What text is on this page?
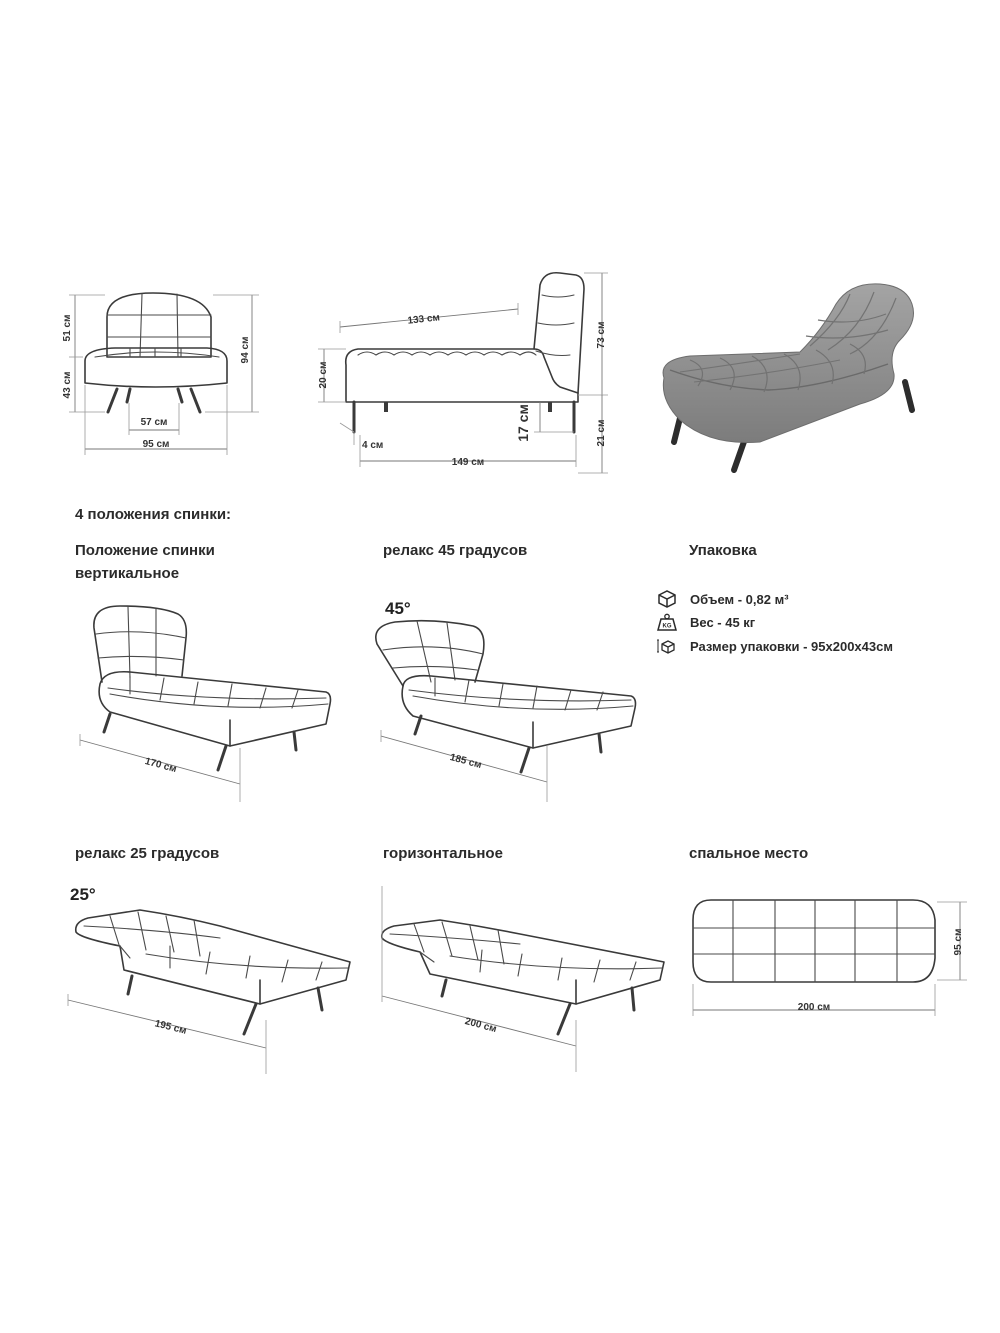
51 см
43 см
94 см
57 см
95 см
133 см
20 см
4 см
149 см
17 см
73 см
21 см
4 положения спинки:
Положение спинки
вертикальное
релакс 45 градусов	Упаковка
релакс 25 градусов	горизонтальное	спальное место
Объем - 0,82 м³
KG Вес - 45 кг
Размер упаковки - 95x200x43см
170 см
45°
185 см
25°
195 см	200 см
95 см
200 см
